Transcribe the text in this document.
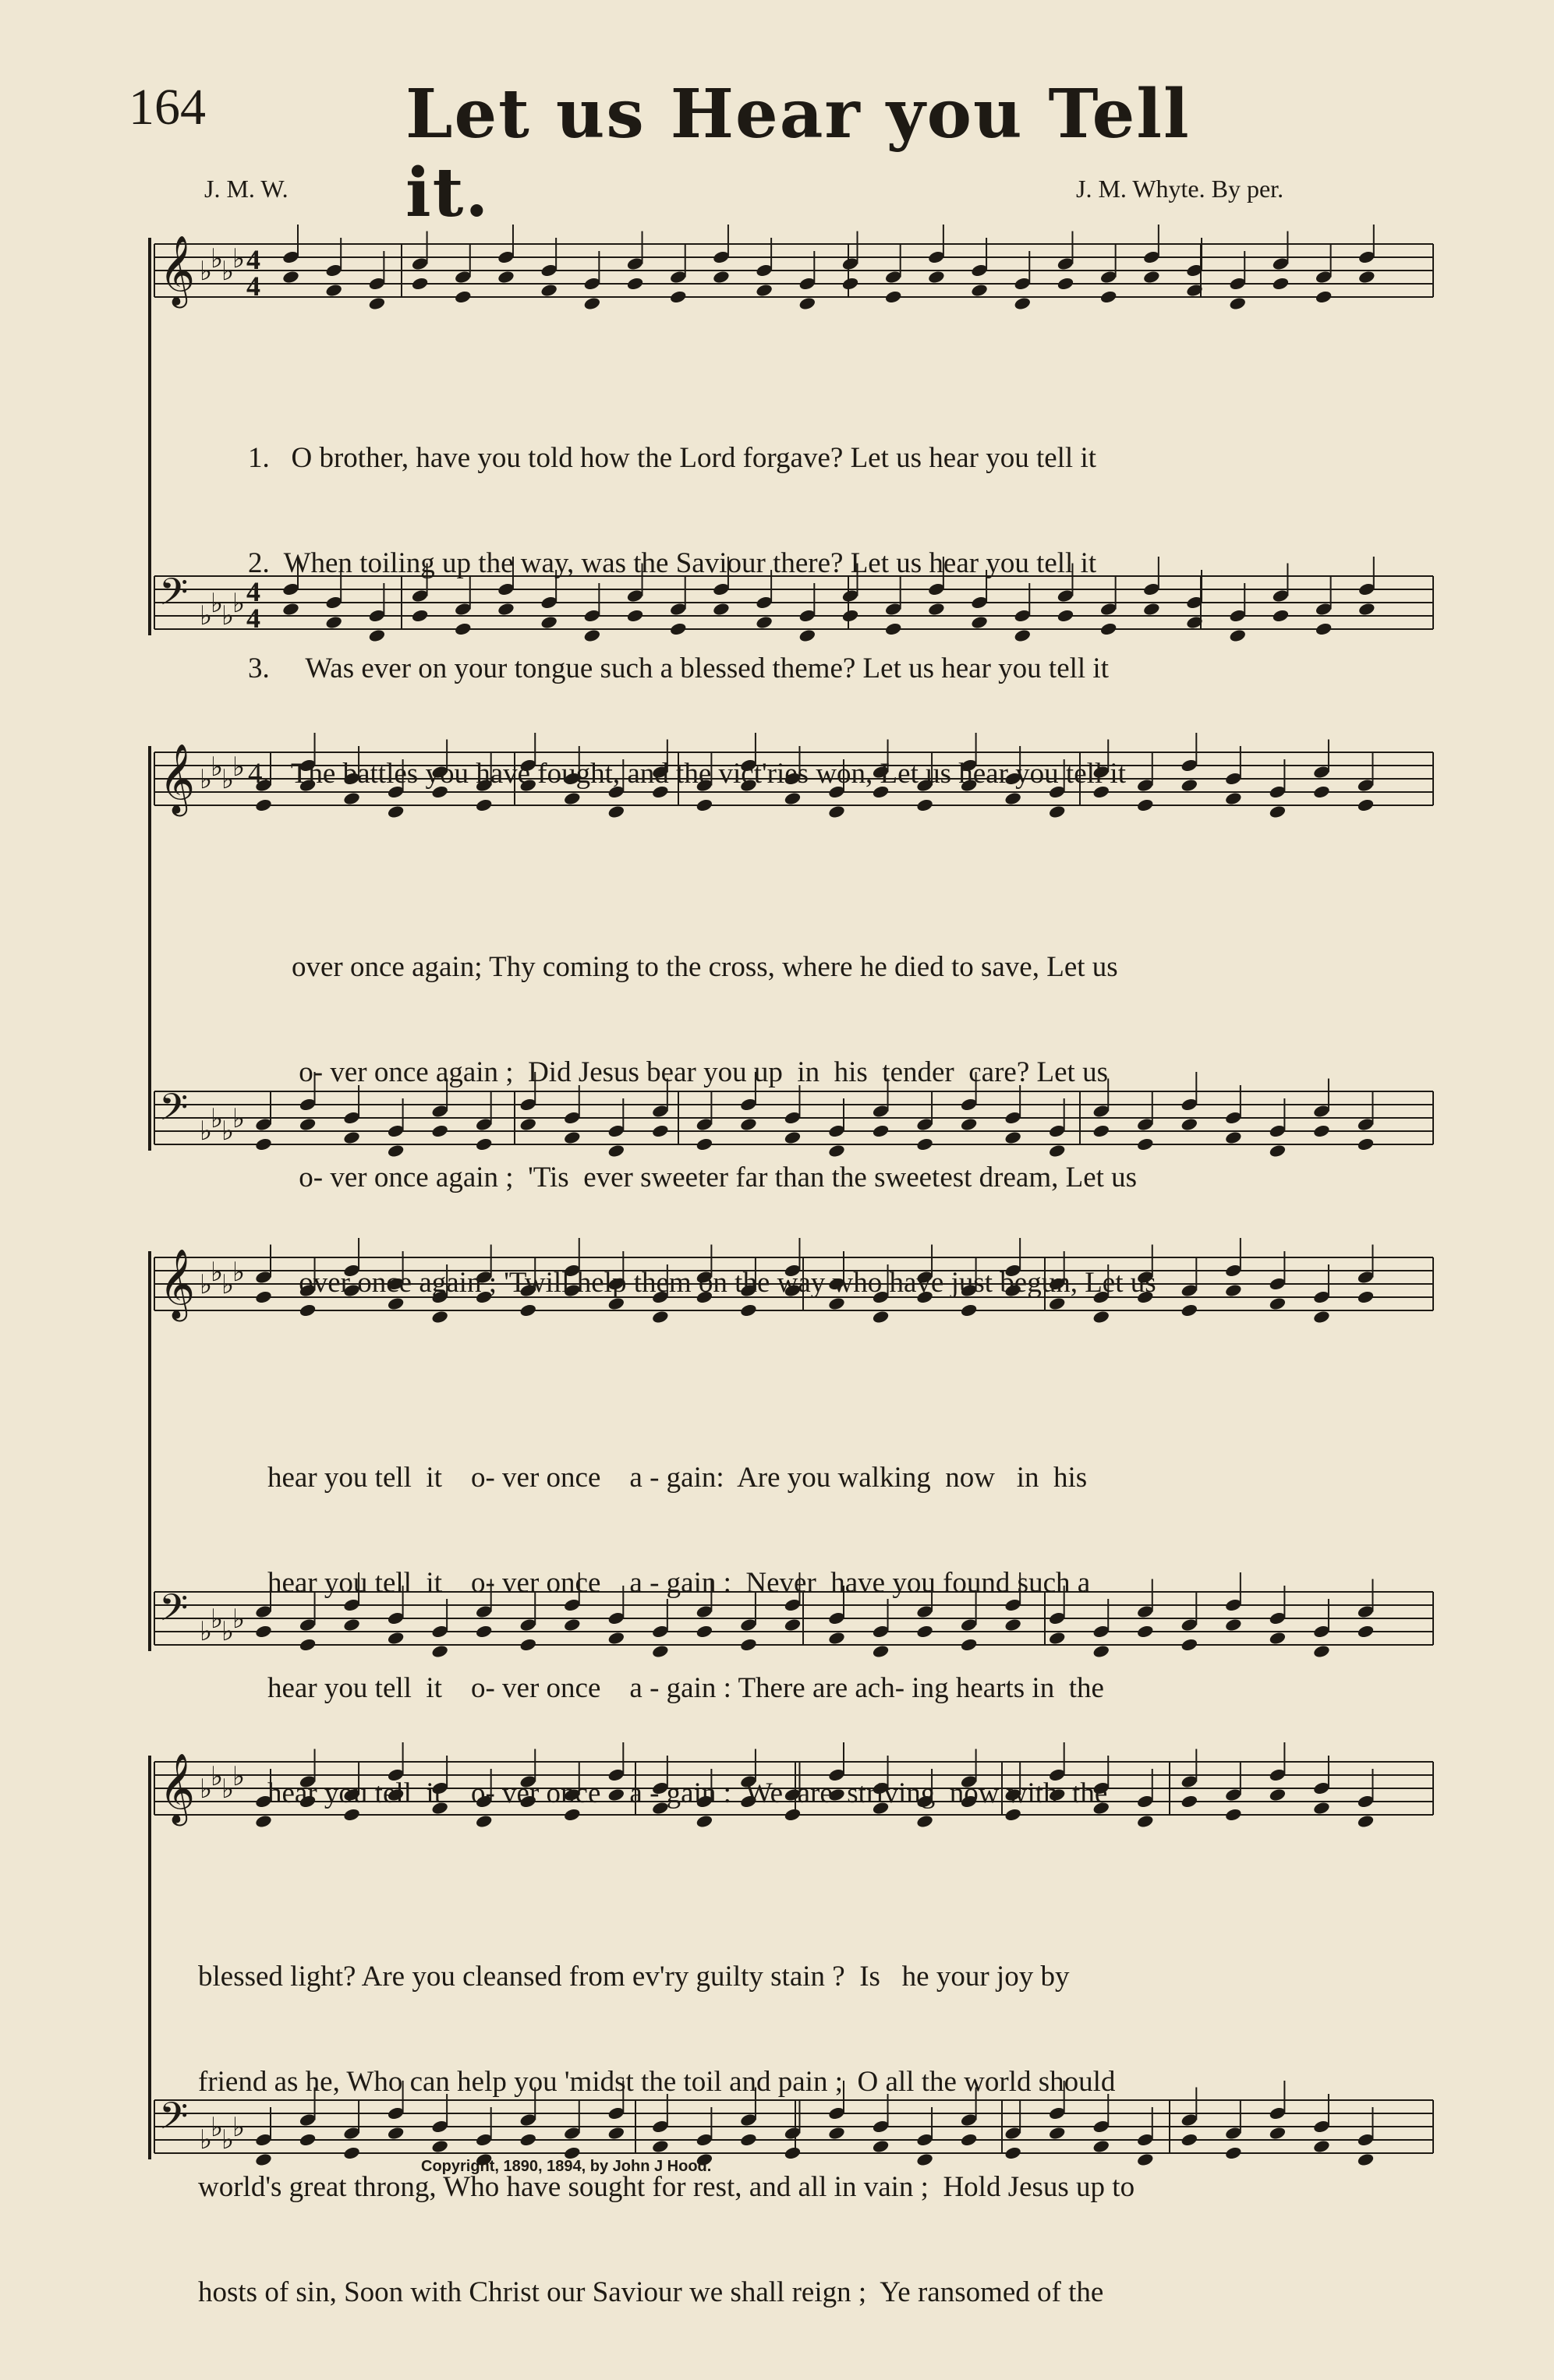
𝄞 ♭
♭
♭
♭ 4
4
𝄢 ♭
♭
♭
♭ 4
4
𝄞 ♭
♭
♭
♭
𝄢 ♭
♭
♭
♭
𝄞 ♭
♭
♭
♭
𝄢 ♭
♭
♭
♭
𝄞 ♭
♭
♭
♭
𝄢 ♭
♭
♭
♭
164	Let us Hear you Tell it.
J. M. W.	J. M. Whyte. By per.

1.   O brother, have you told how the Lord forgave? Let us hear you tell it

2.  When toiling up the way, was the Saviour there? Let us hear you tell it

3.     Was ever on your tongue such a blessed theme? Let us hear you tell it

4.   The battles you have fought, and the vict'ries won, Let us hear you tell it

over once again; Thy coming to the cross, where he died to save, Let us

o- ver once again ;  Did Jesus bear you up  in  his  tender  care? Let us

o- ver once again ;  'Tis  ever sweeter far than the sweetest dream, Let us

over once again ; 'Twill help them on the way who have just begun, Let us

hear you tell  it    o- ver once    a - gain:  Are you walking  now   in  his

hear you tell  it    o- ver once    a - gain :  Never  have you found such a

hear you tell  it    o- ver once    a - gain : There are ach- ing hearts in  the

hear you tell  it    o- ver once    a - gain :  We  are  striving  now with  the

blessed light? Are you cleansed from ev'ry guilty stain ?  Is   he your joy by

friend as he, Who can help you 'midst the toil and pain ;  O all the world should

world's great throng, Who have sought for rest, and all in vain ;  Hold Jesus up to

hosts of sin, Soon with Christ our Saviour we shall reign ;  Ye ransomed of the

Copyright, 1890, 1894, by John J Hood.
